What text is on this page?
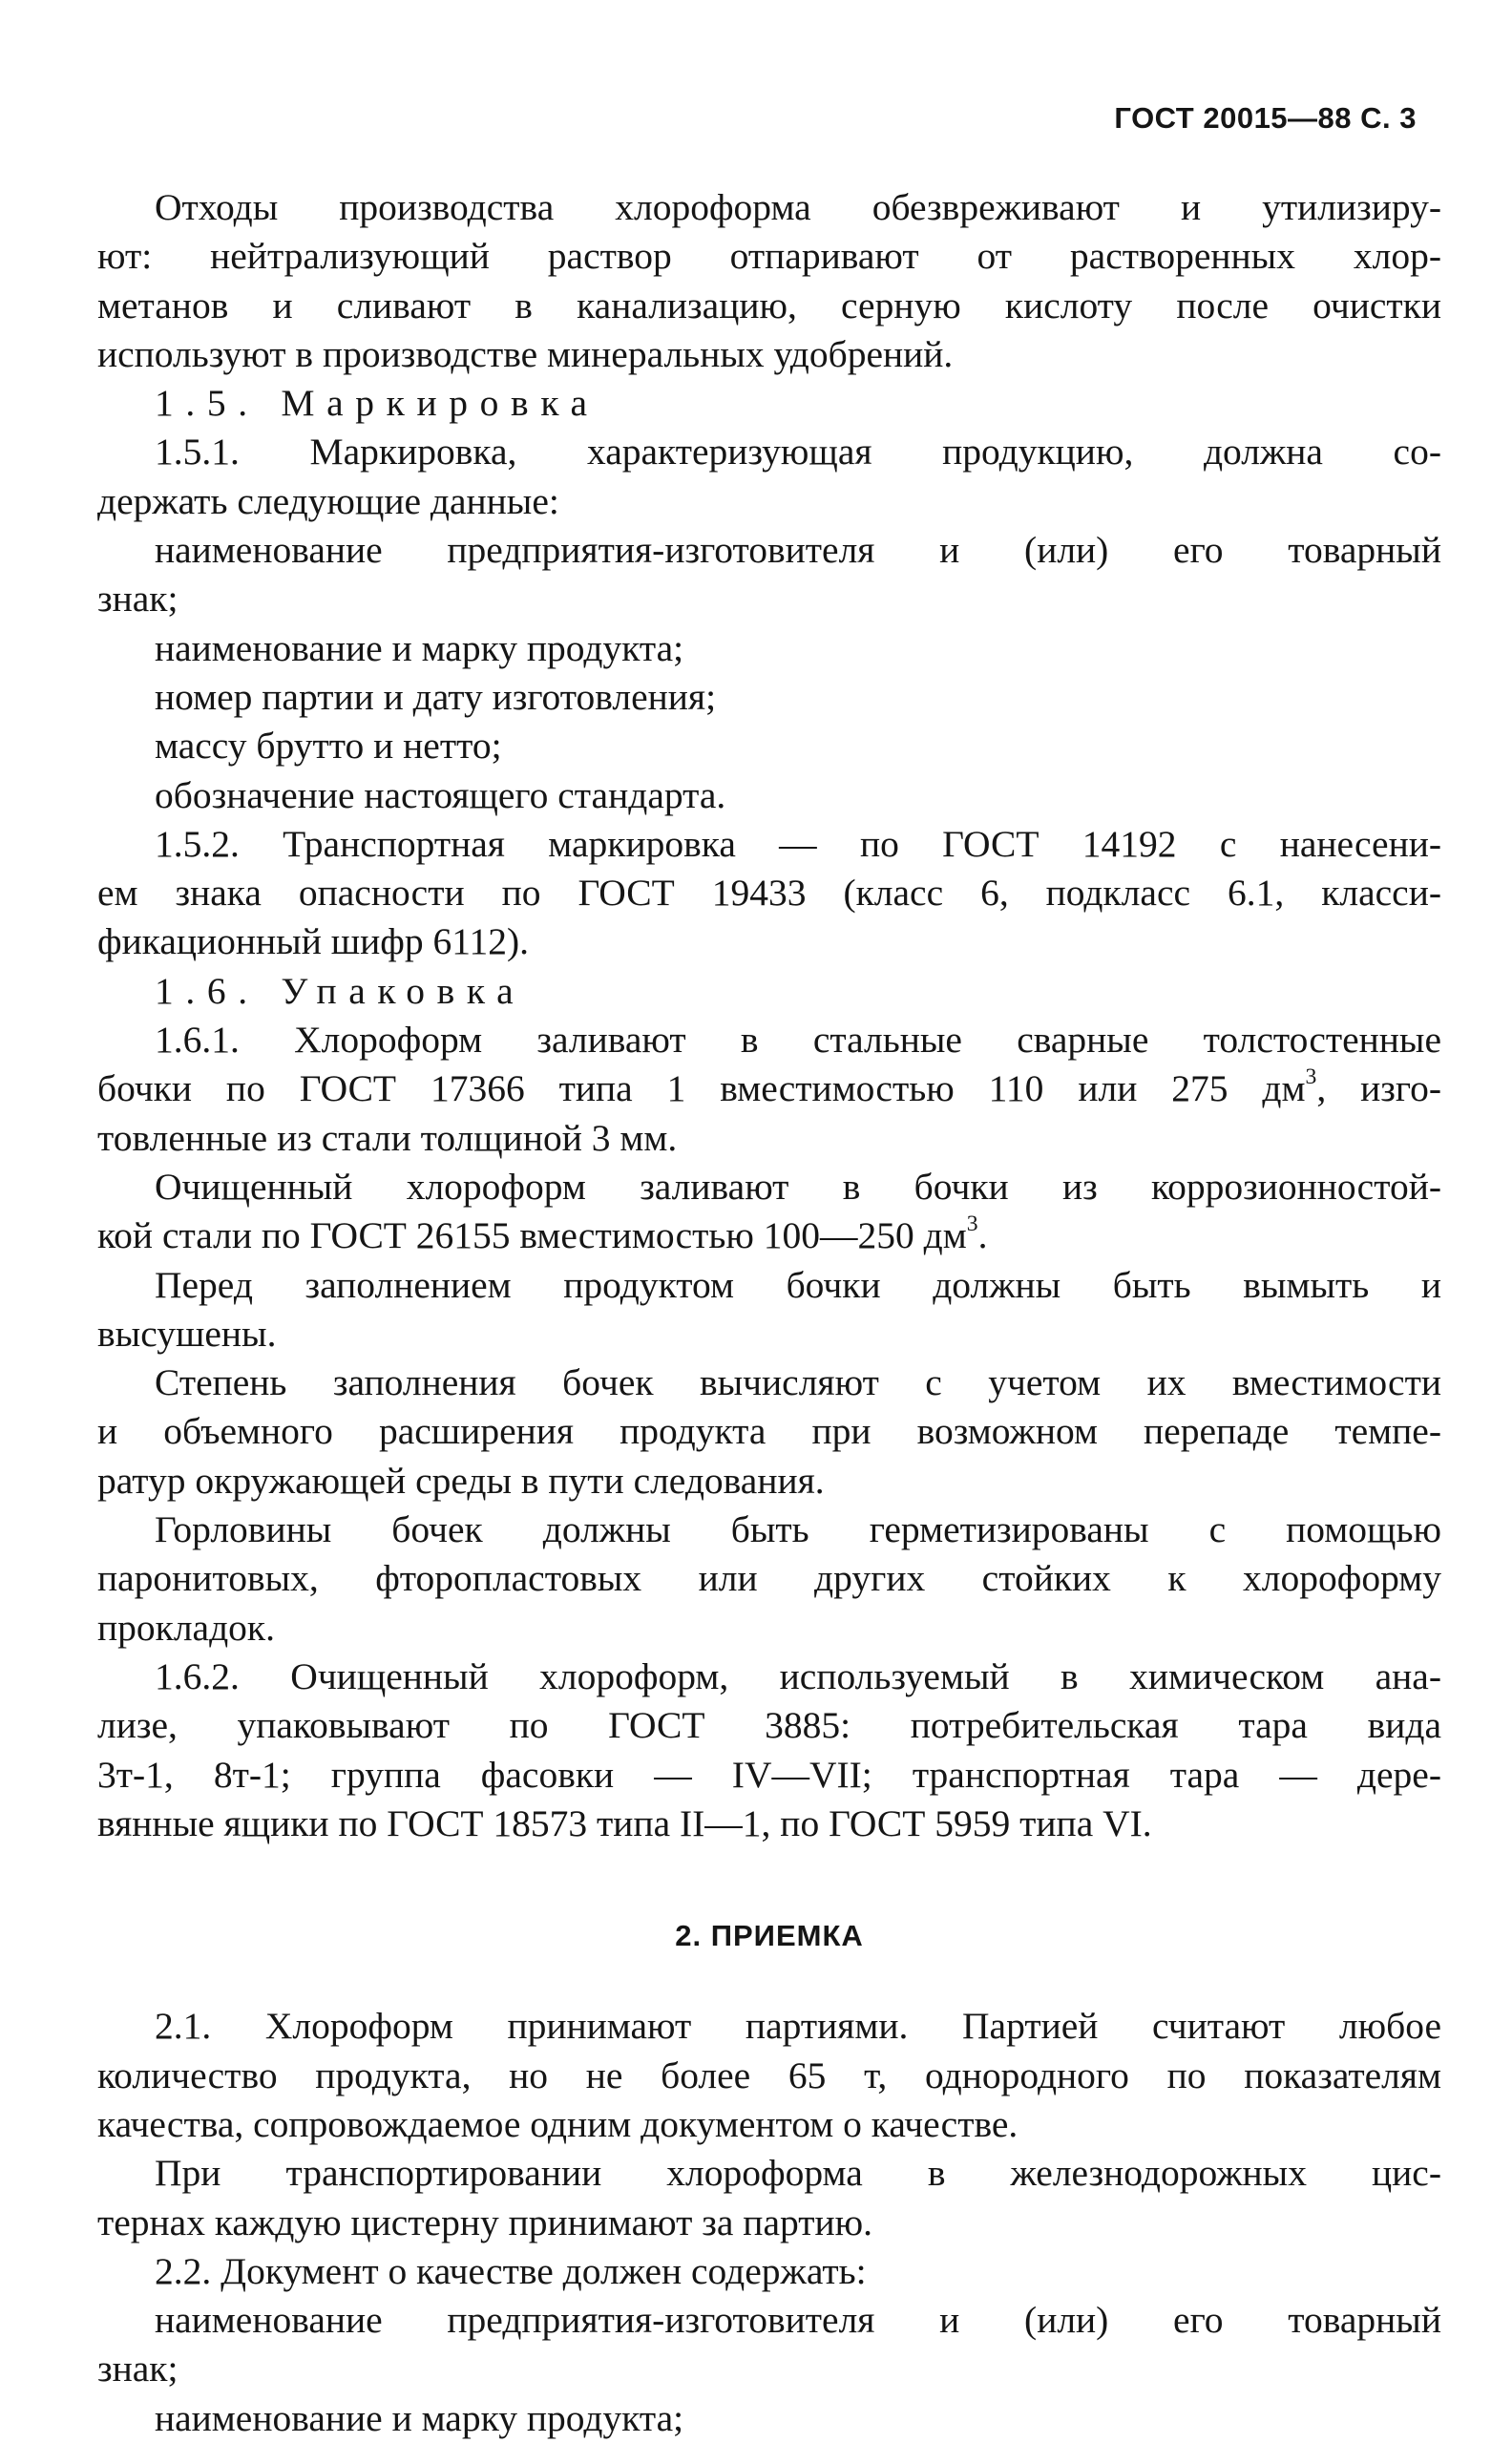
ГОСТ 20015—88 С. 3
Отходы производства хлороформа обезвреживают и утилизиру-
ют: нейтрализующий раствор отпаривают от растворенных хлор-
метанов и сливают в канализацию, серную кислоту после очистки
используют в производстве минеральных удобрений.
1.5. Маркировка
1.5.1. Маркировка, характеризующая продукцию, должна со-
держать следующие данные:
наименование предприятия-изготовителя и (или) его товарный
знак;
наименование и марку продукта;
номер партии и дату изготовления;
массу брутто и нетто;
обозначение настоящего стандарта.
1.5.2. Транспортная маркировка — по ГОСТ 14192 с нанесени-
ем знака опасности по ГОСТ 19433 (класс 6, подкласс 6.1, класси-
фикационный шифр 6112).
1.6. Упаковка
1.6.1. Хлороформ заливают в стальные сварные толстостенные
бочки по ГОСТ 17366 типа 1 вместимостью 110 или 275 $дм^3$, изго-
товленные из стали толщиной 3 мм.
Очищенный хлороформ заливают в бочки из коррозионностой-
кой стали по ГОСТ 26155 вместимостью 100—250 $дм^3$.
Перед заполнением продуктом бочки должны быть вымыть и
высушены.
Степень заполнения бочек вычисляют с учетом их вместимости
и объемного расширения продукта при возможном перепаде темпе-
ратур окружающей среды в пути следования.
Горловины бочек должны быть герметизированы с помощью
паронитовых, фторопластовых или других стойких к хлороформу
прокладок.
1.6.2. Очищенный хлороформ, используемый в химическом ана-
лизе, упаковывают по ГОСТ 3885: потребительская тара вида
3т-1, 8т-1; группа фасовки — IV—VII; транспортная тара — дере-
вянные ящики по ГОСТ 18573 типа II—1, по ГОСТ 5959 типа VI.
2. ПРИЕМКА
2.1. Хлороформ принимают партиями. Партией считают любое
количество продукта, но не более 65 т, однородного по показателям
качества, сопровождаемое одним документом о качестве.
При транспортировании хлороформа в железнодорожных цис-
тернах каждую цистерну принимают за партию.
2.2. Документ о качестве должен содержать:
наименование предприятия-изготовителя и (или) его товарный
знак;
наименование и марку продукта;
